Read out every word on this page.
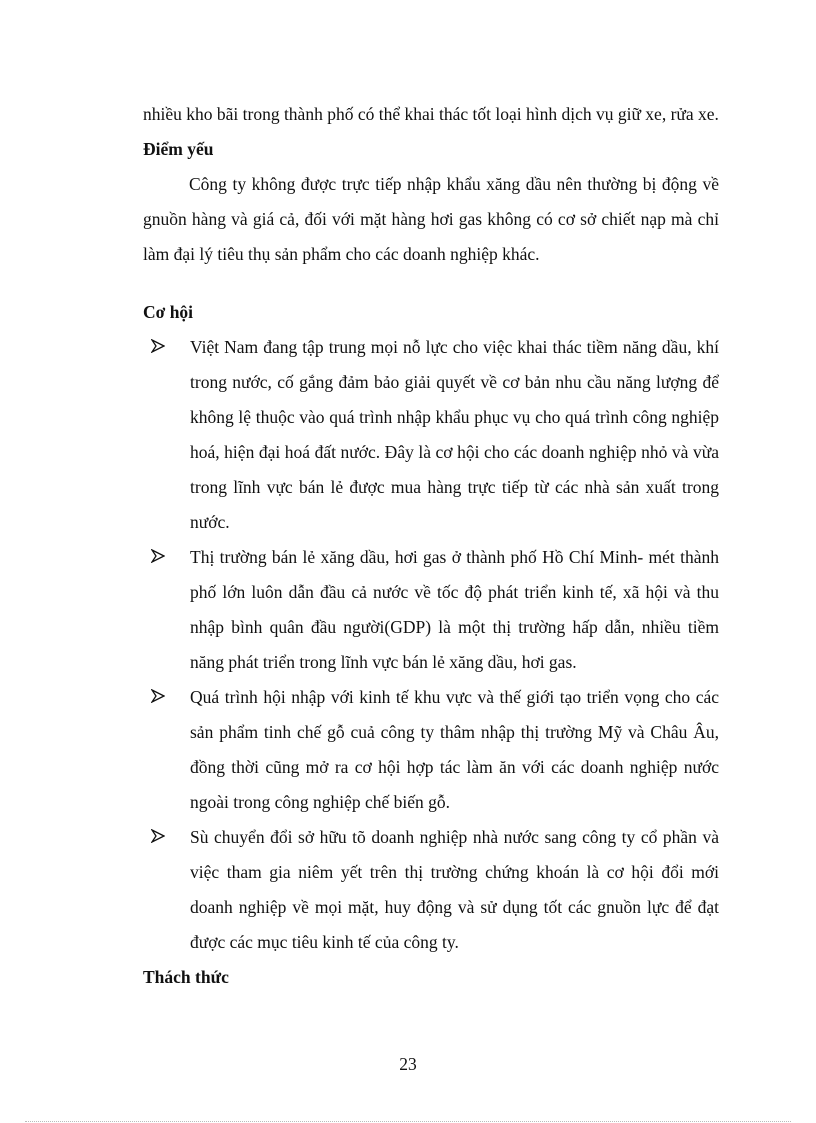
nhiều kho bãi trong thành phố có thể khai thác tốt loại hình dịch vụ giữ xe, rửa xe.

Điểm yếu

Công ty không được trực tiếp nhập khẩu xăng dầu nên thường bị động về gnuồn hàng và giá cả, đối với mặt hàng hơi gas không có cơ sở chiết nạp mà chỉ làm đại lý tiêu thụ sản phẩm cho các doanh nghiệp khác.

Cơ hội

Việt Nam đang tập trung mọi nỗ lực cho việc khai thác tiềm năng dầu, khí trong nước, cố gắng đảm bảo giải quyết về cơ bản nhu cầu năng lượng để không lệ thuộc vào quá trình nhập khẩu phục vụ cho quá trình công nghiệp hoá, hiện đại hoá đất nước. Đây là cơ hội cho các doanh nghiệp nhỏ và vừa trong lĩnh vực bán lẻ được mua hàng trực tiếp từ các nhà sản xuất trong nước.
Thị trường bán lẻ xăng dầu, hơi gas ở thành phố Hồ Chí Minh- mét thành phố lớn luôn dẫn đầu cả nước về tốc độ phát triển kinh tế, xã hội và thu nhập bình quân đầu người(GDP) là một thị trường hấp dẫn, nhiều tiềm năng phát triển trong lĩnh vực bán lẻ xăng dầu, hơi gas.
Quá trình hội nhập với kinh tế khu vực và thế giới tạo triển vọng cho các sản phẩm tinh chế gỗ cuả công ty thâm nhập thị trường Mỹ và Châu Âu, đồng thời cũng mở ra cơ hội hợp tác làm ăn với các doanh nghiệp nước ngoài trong công nghiệp chế biến gỗ.
Sù chuyển đổi sở hữu tõ doanh nghiệp nhà nước sang công ty cổ phần và việc tham gia niêm yết trên thị trường chứng khoán là cơ hội đổi mới doanh nghiệp về mọi mặt, huy động và sử dụng tốt các gnuồn lực để đạt được các mục tiêu kinh tế của công ty.

Thách thức

23
